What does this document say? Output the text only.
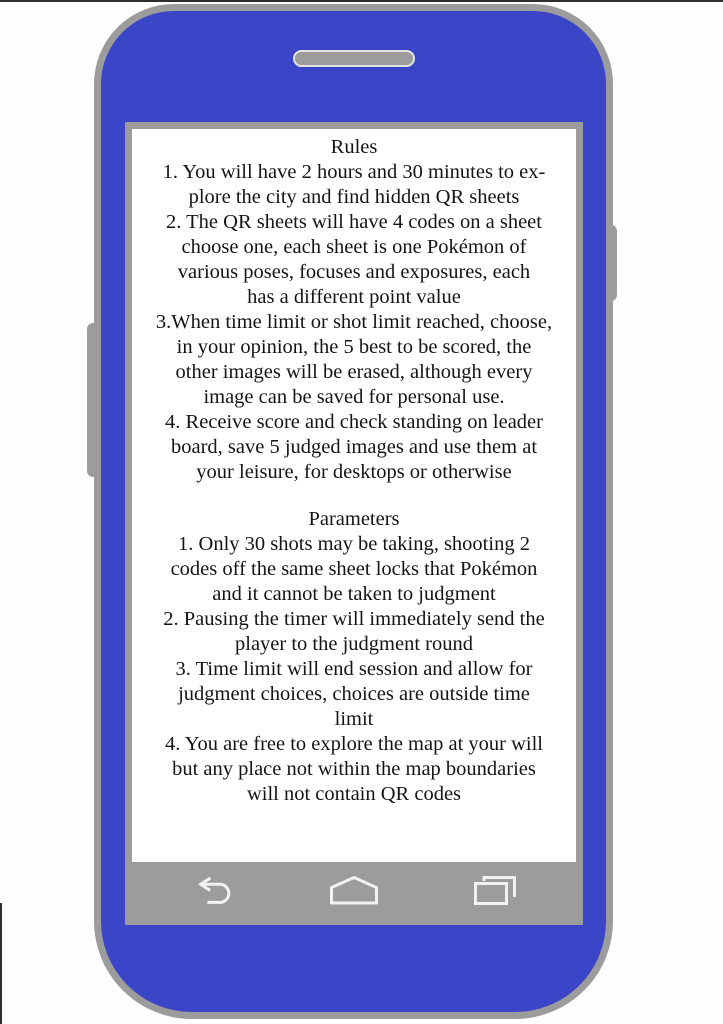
Rules
1. You will have 2 hours and 30 minutes to ex-
plore the city and find hidden QR sheets
2. The QR sheets will have 4 codes on a sheet
choose one, each sheet is one Pokémon of
various poses, focuses and exposures, each
has a different point value
3.When time limit or shot limit reached, choose,
in your opinion, the 5 best to be scored, the
other images will be erased, although every
image can be saved for personal use.
4. Receive score and check standing on leader
board, save 5 judged images and use them at
your leisure, for desktops or otherwise
Parameters
1. Only 30 shots may be taking, shooting 2
codes off the same sheet locks that Pokémon
and it cannot be taken to judgment
2. Pausing the timer will immediately send the
player to the judgment round
3. Time limit will end session and allow for
judgment choices, choices are outside time
limit
4. You are free to explore the map at your will
but any place not within the map boundaries
will not contain QR codes
